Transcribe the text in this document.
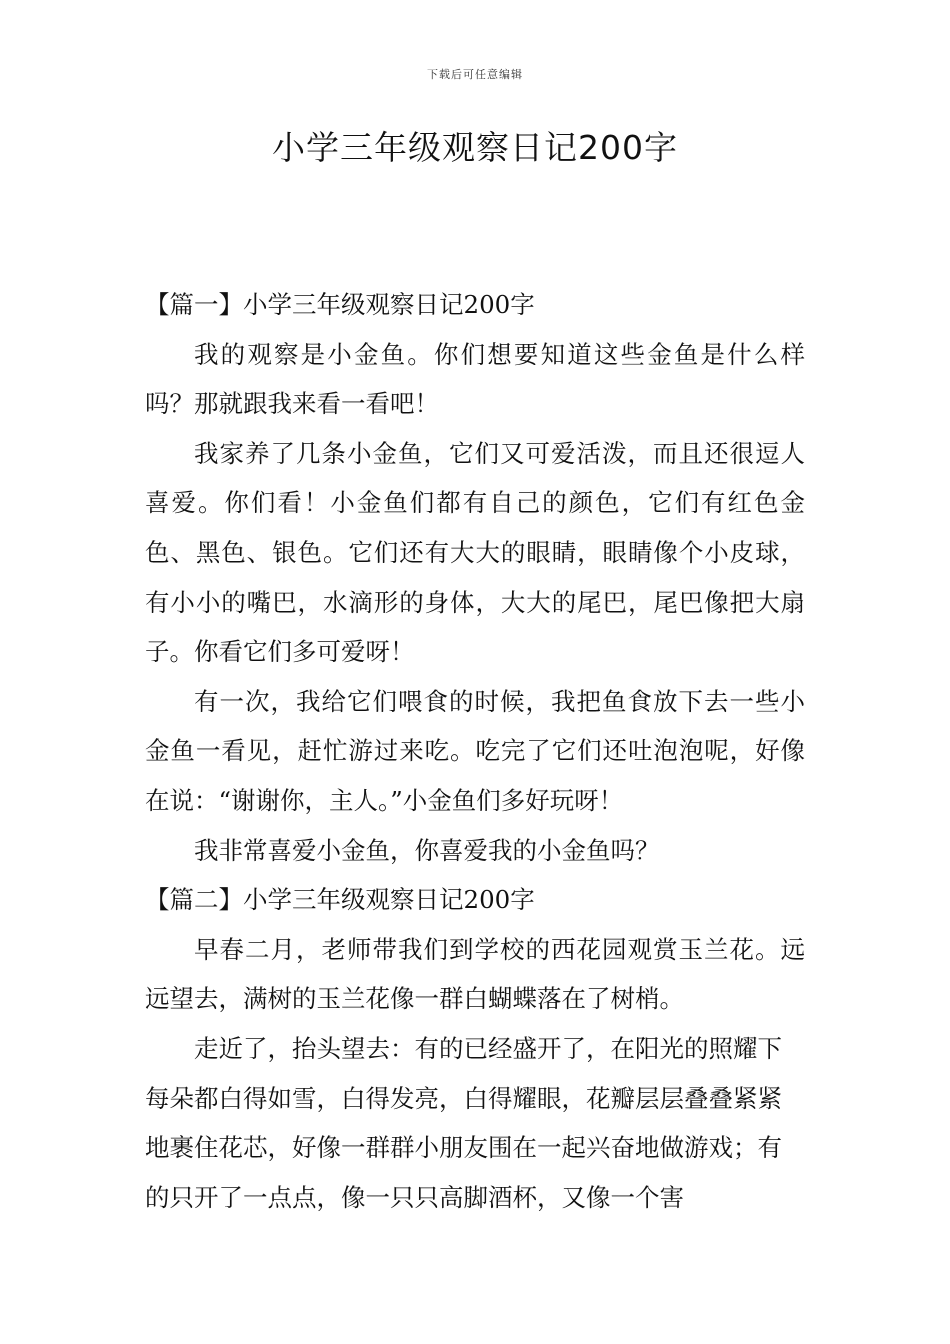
下载后可任意编辑
小学三年级观察日记200字

【篇一】小学三年级观察日记200字

我的观察是小金鱼。你们想要知道这些金鱼是什么样吗？那就跟我来看一看吧！

我家养了几条小金鱼，它们又可爱活泼，而且还很逗人喜爱。你们看！小金鱼们都有自己的颜色，它们有红色金色、黑色、银色。它们还有大大的眼睛，眼睛像个小皮球，有小小的嘴巴，水滴形的身体，大大的尾巴，尾巴像把大扇子。你看它们多可爱呀！

有一次，我给它们喂食的时候，我把鱼食放下去一些小金鱼一看见，赶忙游过来吃。吃完了它们还吐泡泡呢，好像在说：“谢谢你，主人。”小金鱼们多好玩呀！

我非常喜爱小金鱼，你喜爱我的小金鱼吗？

【篇二】小学三年级观察日记200字

早春二月，老师带我们到学校的西花园观赏玉兰花。远远望去，满树的玉兰花像一群白蝴蝶落在了树梢。

走近了，抬头望去：有的已经盛开了，在阳光的照耀下每朵都白得如雪，白得发亮，白得耀眼，花瓣层层叠叠紧紧地裹住花芯，好像一群群小朋友围在一起兴奋地做游戏；有的只开了一点点，像一只只高脚酒杯，又像一个害
